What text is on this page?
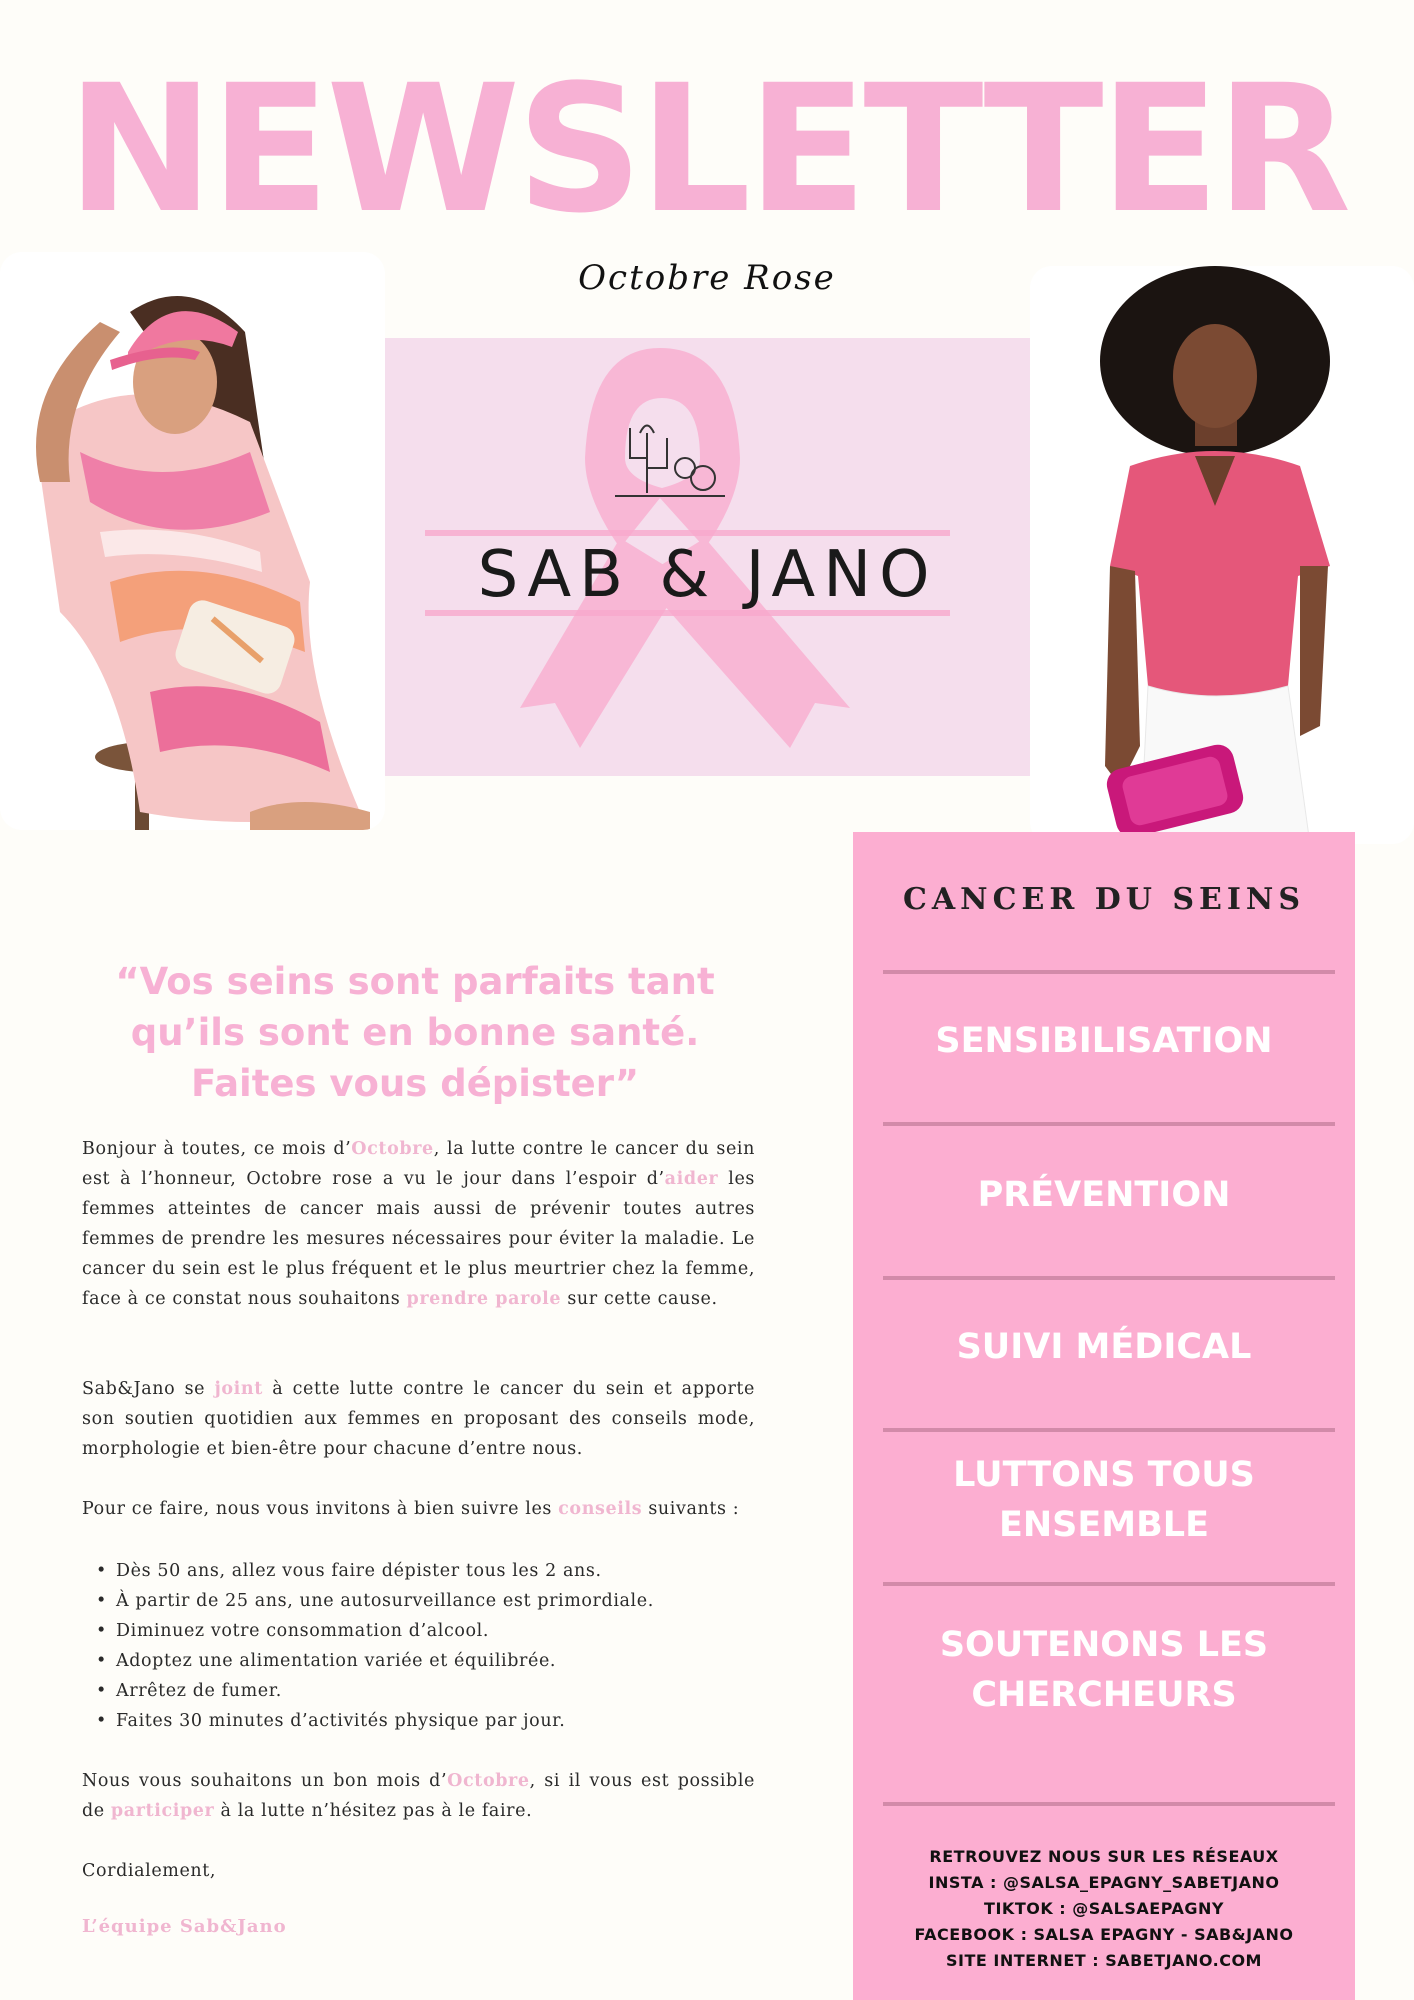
NEWSLETTER
Octobre Rose
SAB & JANO
CANCER DU SEINS
SENSIBILISATION
PRÉVENTION
SUIVI MÉDICAL
LUTTONS TOUS ENSEMBLE
SOUTENONS LES CHERCHEURS
RETROUVEZ NOUS SUR LES RÉSEAUX
INSTA : @SALSA_EPAGNY_SABETJANO
TIKTOK : @SALSAEPAGNY
FACEBOOK : SALSA EPAGNY - SAB&JANO
SITE INTERNET : SABETJANO.COM
“Vos seins sont parfaits tant qu’ils sont en bonne santé. Faites vous dépister”
Bonjour à toutes, ce mois d’Octobre, la lutte contre le cancer du sein est à l’honneur, Octobre rose a vu le jour dans l’espoir d’aider les femmes atteintes de cancer mais aussi de prévenir toutes autres femmes de prendre les mesures nécessaires pour éviter la maladie. Le cancer du sein est le plus fréquent et le plus meurtrier chez la femme, face à ce constat nous souhaitons prendre parole sur cette cause.
Sab&Jano se joint à cette lutte contre le cancer du sein et apporte son soutien quotidien aux femmes en proposant des conseils mode, morphologie et bien-être pour chacune d’entre nous.
Pour ce faire, nous vous invitons à bien suivre les conseils suivants :
• Dès 50 ans, allez vous faire dépister tous les 2 ans.
• À partir de 25 ans, une autosurveillance est primordiale.
• Diminuez votre consommation d’alcool.
• Adoptez une alimentation variée et équilibrée.
• Arrêtez de fumer.
• Faites 30 minutes d’activités physique par jour.
Nous vous souhaitons un bon mois d’Octobre, si il vous est possible de participer à la lutte n’hésitez pas à le faire.
Cordialement,
L’équipe Sab&Jano
